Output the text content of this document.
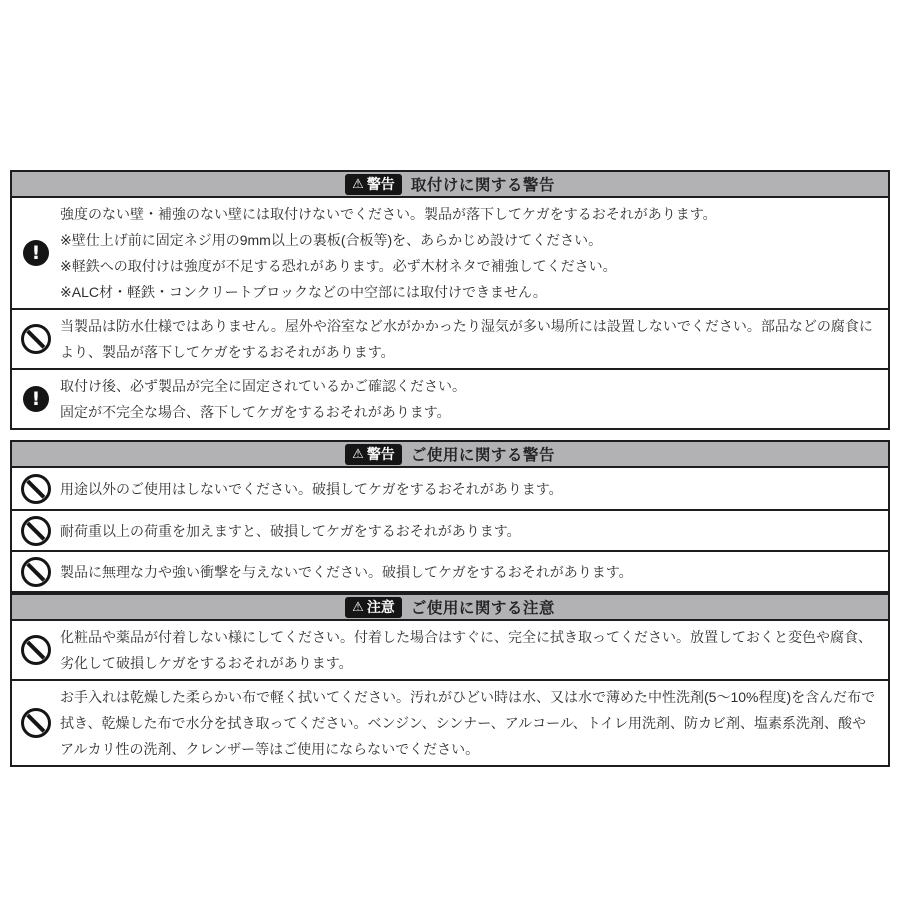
⚠ 警告 取付けに関する警告
!

強度のない壁・補強のない壁には取付けないでください。製品が落下してケガをするおそれがあります。

※壁仕上げ前に固定ネジ用の9mm以上の裏板(合板等)を、あらかじめ設けてください。

※軽鉄への取付けは強度が不足する恐れがあります。必ず木材ネタで補強してください。

※ALC材・軽鉄・コンクリートブロックなどの中空部には取付けできません。

当製品は防水仕様ではありません。屋外や浴室など水がかかったり湿気が多い場所には設置しないでください。部品などの腐食により、製品が落下してケガをするおそれがあります。

!

取付け後、必ず製品が完全に固定されているかご確認ください。

固定が不完全な場合、落下してケガをするおそれがあります。

⚠ 警告 ご使用に関する警告

用途以外のご使用はしないでください。破損してケガをするおそれがあります。

耐荷重以上の荷重を加えますと、破損してケガをするおそれがあります。

製品に無理な力や強い衝撃を与えないでください。破損してケガをするおそれがあります。

⚠ 注意 ご使用に関する注意

化粧品や薬品が付着しない様にしてください。付着した場合はすぐに、完全に拭き取ってください。放置しておくと変色や腐食、劣化して破損しケガをするおそれがあります。

お手入れは乾燥した柔らかい布で軽く拭いてください。汚れがひどい時は水、又は水で薄めた中性洗剤(5～10%程度)を含んだ布で拭き、乾燥した布で水分を拭き取ってください。ベンジン、シンナー、アルコール、トイレ用洗剤、防カビ剤、塩素系洗剤、酸やアルカリ性の洗剤、クレンザー等はご使用にならないでください。
